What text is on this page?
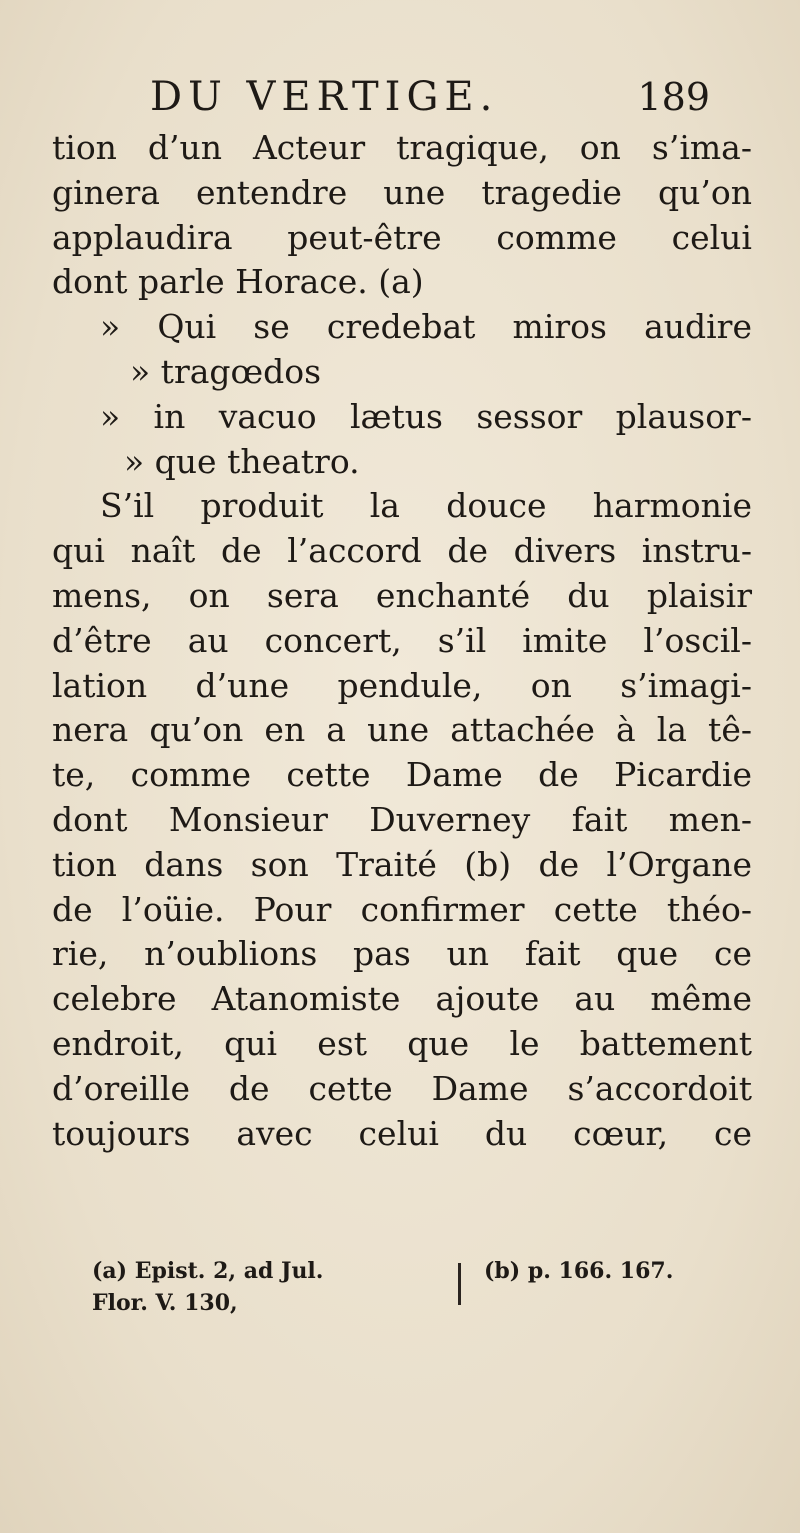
DU VERTIGE.	189
tion d’un Acteur tragique, on s’ima-
ginera entendre une tragedie qu’on
applaudira peut-être comme celui
dont parle Horace. (a)
» Qui se credebat miros audire
» tragœdos
» in vacuo lætus sessor plausor-
» que theatro.
S’il produit la douce harmonie
qui naît de l’accord de divers instru-
mens, on sera enchanté du plaisir
d’être au concert, s’il imite l’oscil-
lation d’une pendule, on s’imagi-
nera qu’on en a une attachée à la tê-
te, comme cette Dame de Picardie
dont Monsieur Duverney fait men-
tion dans son Traité (b) de l’Organe
de l’oüie. Pour confirmer cette théo-
rie, n’oublions pas un fait que ce
celebre Atanomiste ajoute au même
endroit, qui est que le battement
d’oreille de cette Dame s’accordoit
toujours avec celui du cœur, ce
(a) Epist. 2, ad Jul.
Flor. V. 130,
(b) p. 166. 167.
